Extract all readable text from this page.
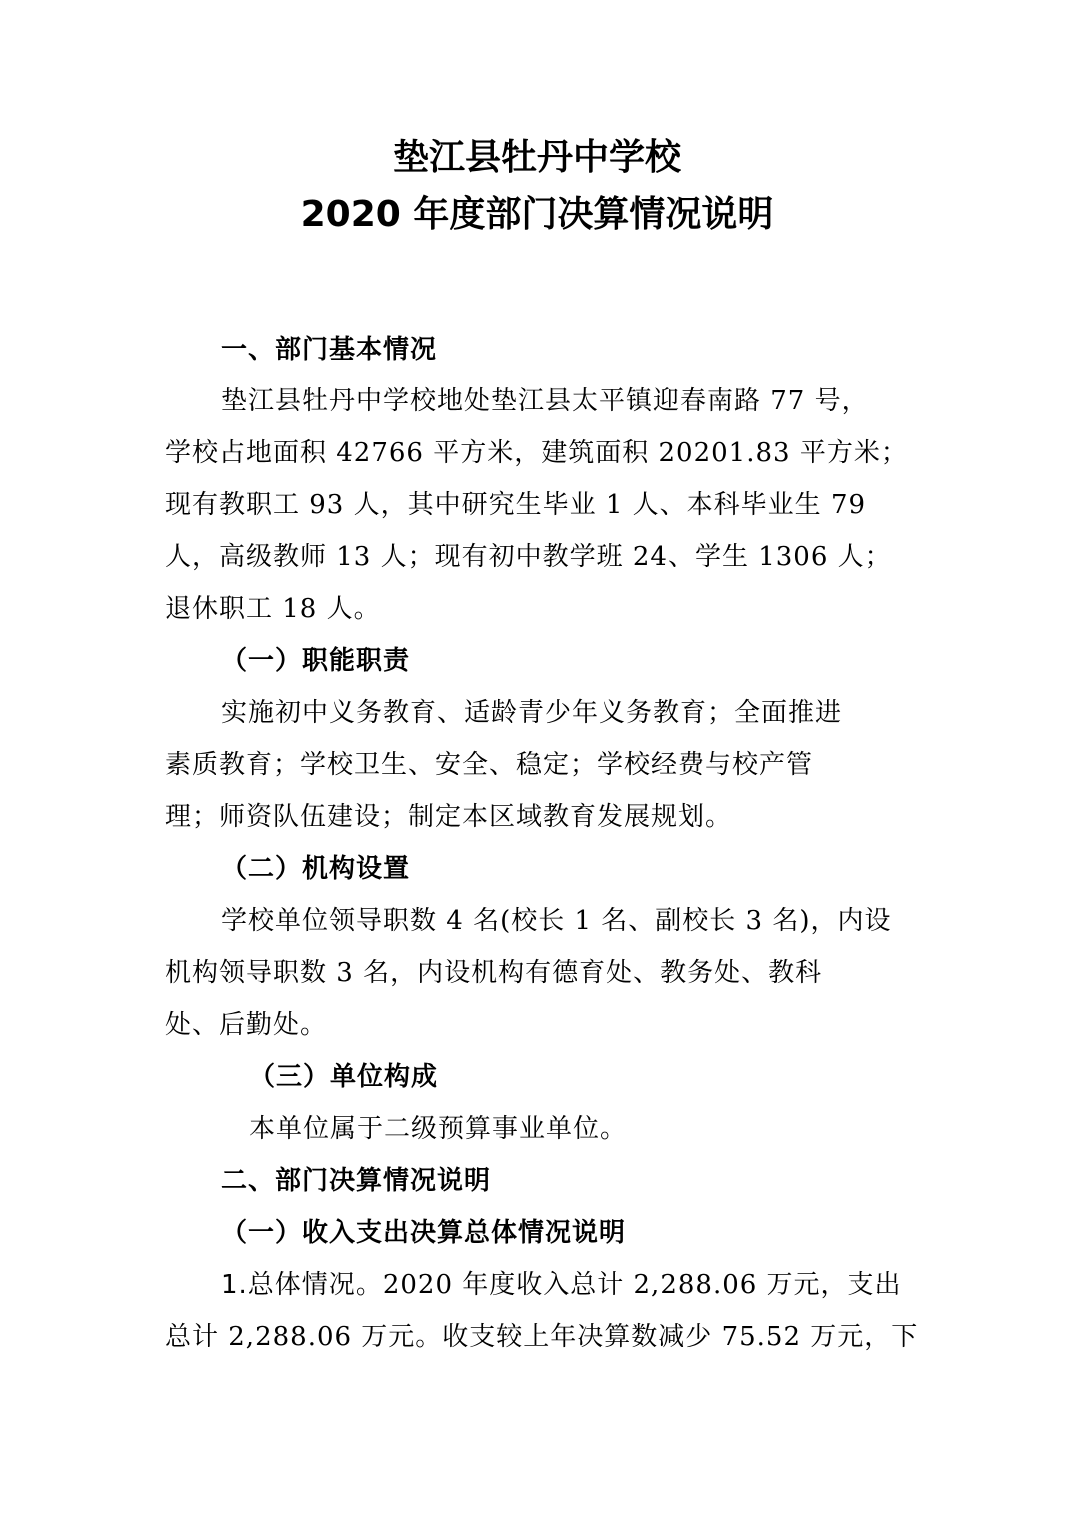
垫江县牡丹中学校
2020 年度部门决算情况说明
一、部门基本情况
垫江县牡丹中学校地处垫江县太平镇迎春南路 77 号，
学校占地面积 42766 平方米，建筑面积 20201.83 平方米；
现有教职工 93 人，其中研究生毕业 1 人、本科毕业生 79
人，高级教师 13 人；现有初中教学班 24、学生 1306 人；
退休职工 18 人。
（一）职能职责
实施初中义务教育、适龄青少年义务教育；全面推进
素质教育；学校卫生、安全、稳定；学校经费与校产管
理；师资队伍建设；制定本区域教育发展规划。
（二）机构设置
学校单位领导职数 4 名(校长 1 名、副校长 3 名)，内设
机构领导职数 3 名，内设机构有德育处、教务处、教科
处、后勤处。
（三）单位构成
本单位属于二级预算事业单位。
二、部门决算情况说明
（一）收入支出决算总体情况说明
1.总体情况。2020 年度收入总计 2,288.06 万元，支出
总计 2,288.06 万元。收支较上年决算数减少 75.52 万元，下
